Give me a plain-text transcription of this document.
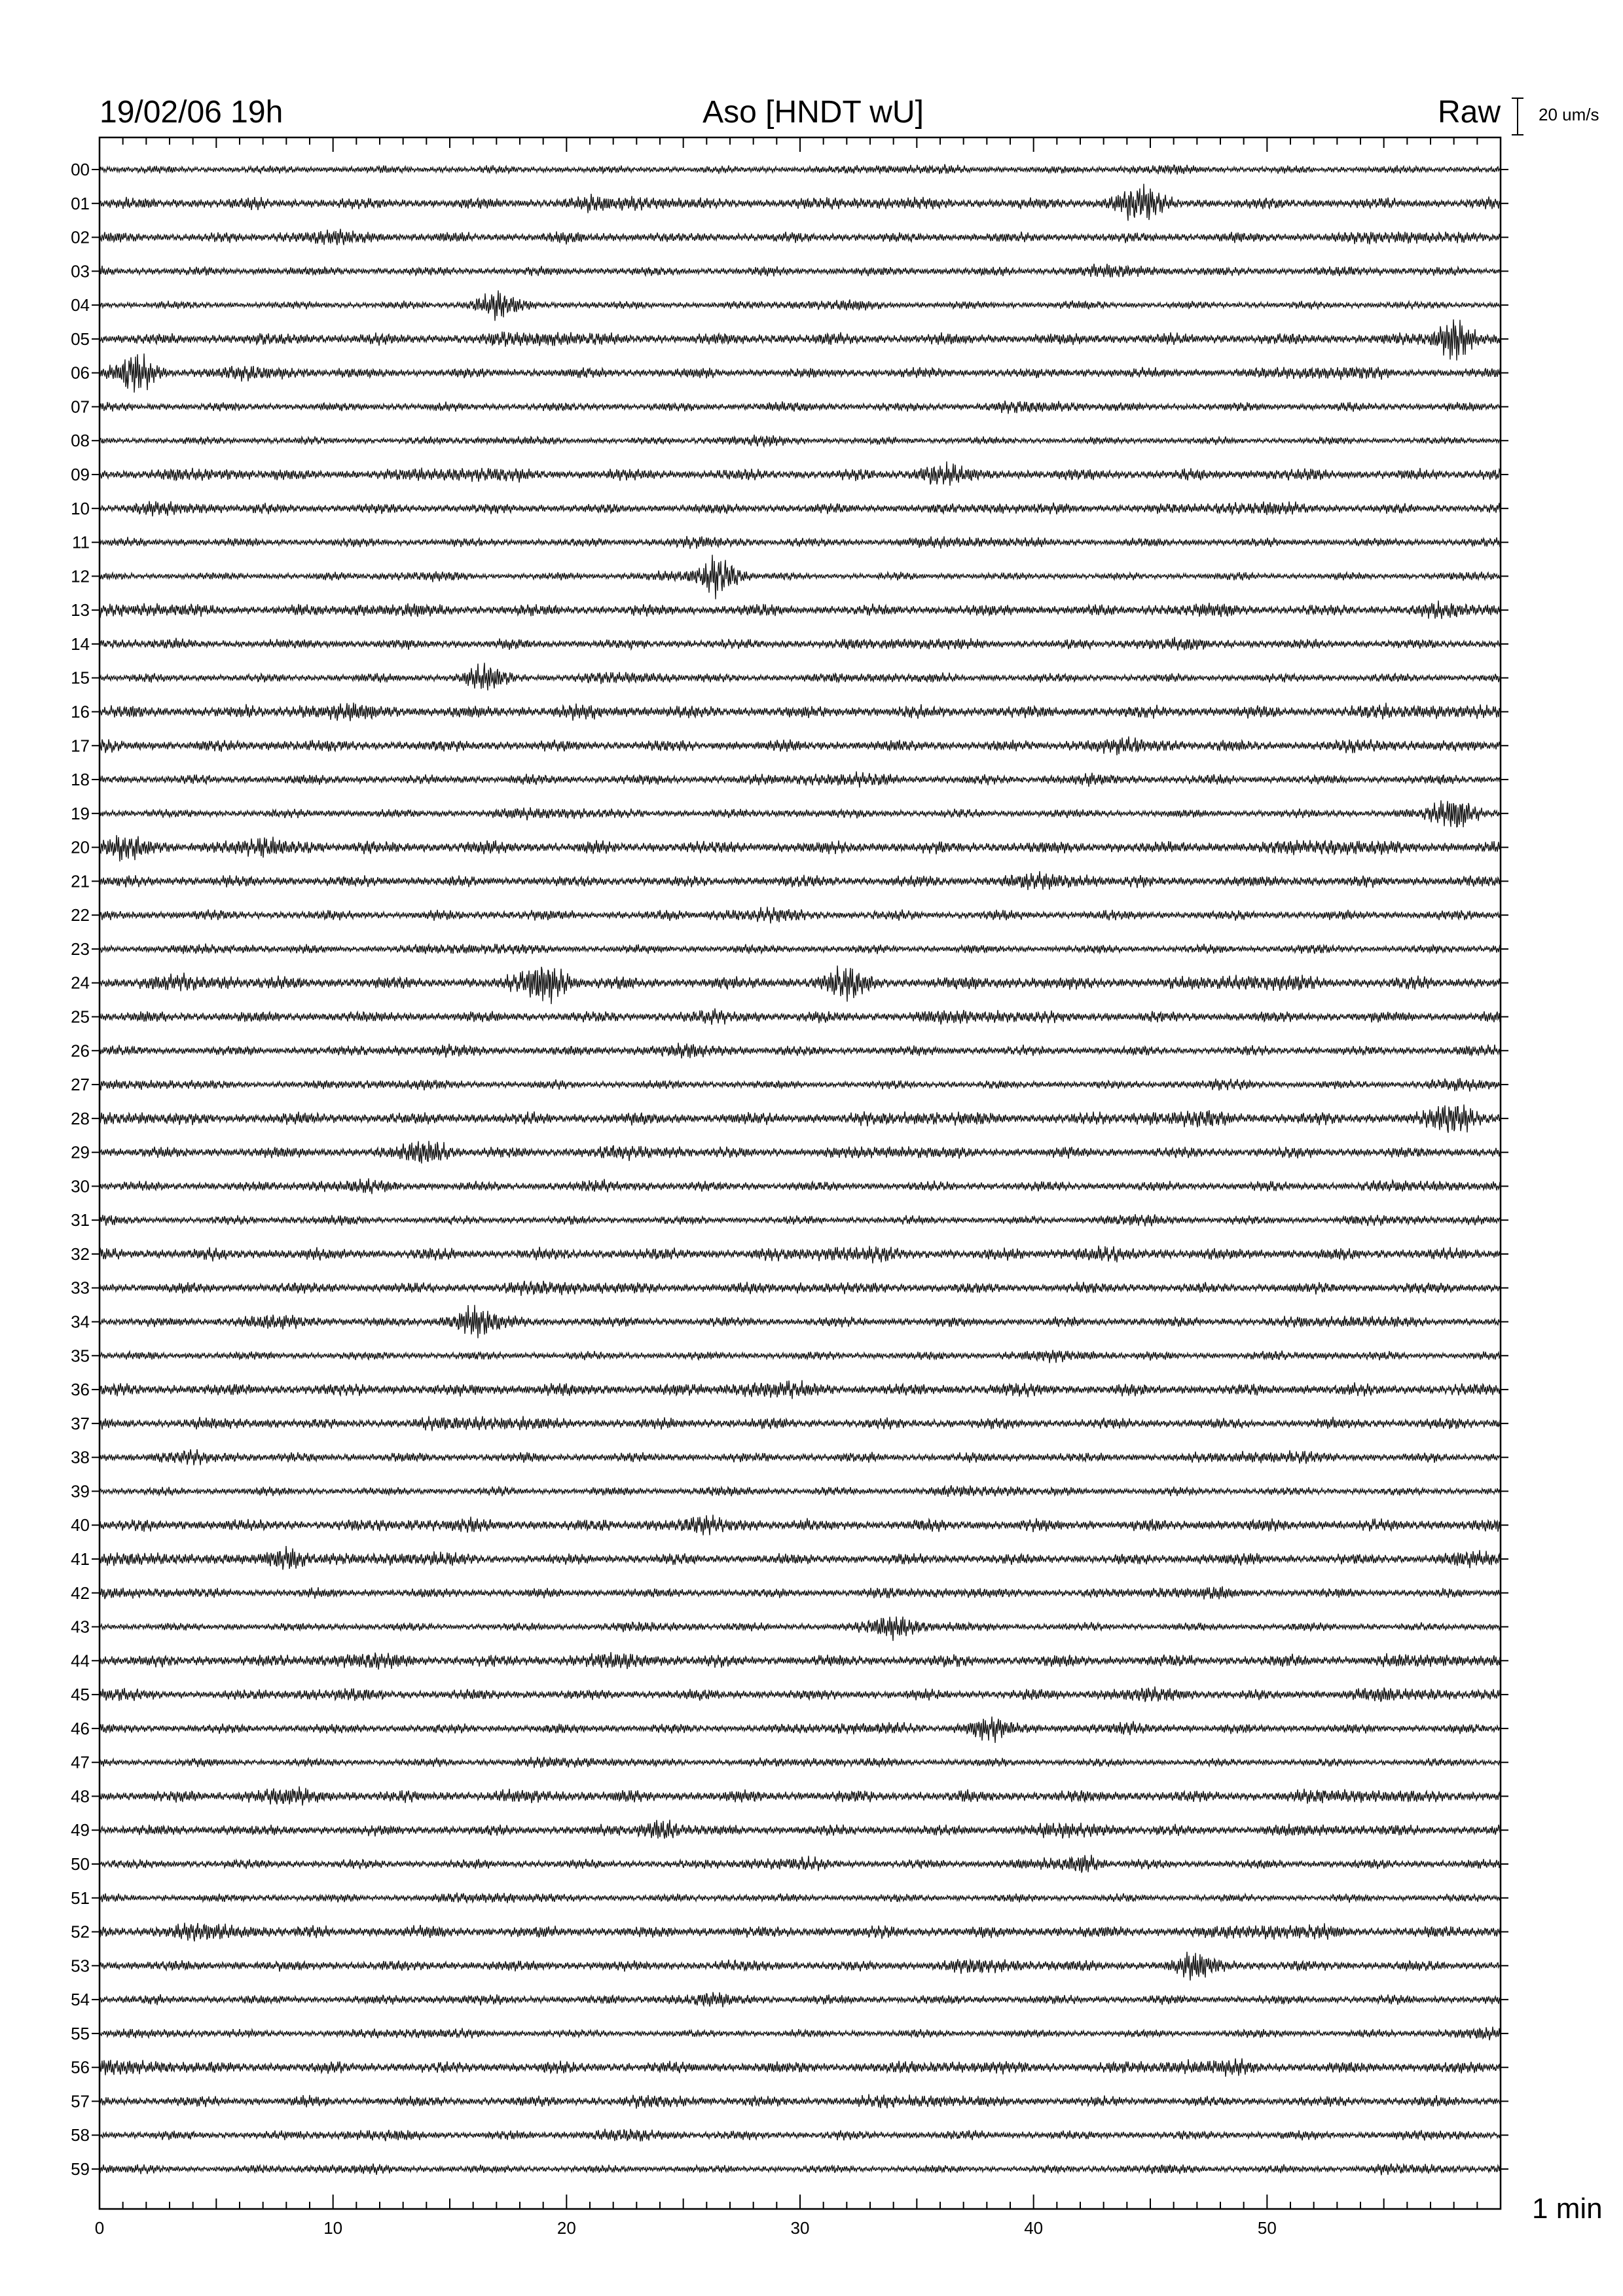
0	10	20	30	40	50
00
01
02
03
04
05
06
07
08
09
10
11
12
13
14
15
16
17
18
19
20
21
22
23
24
25
26
27
28
29
30
31
32
33
34
35
36
37
38
39
40
41
42
43
44
45
46
47
48
49
50
51
52
53
54
55
56
57
58
59
19/02/06 19h	Aso [HNDT wU]	Raw 20 um/s
1 min
